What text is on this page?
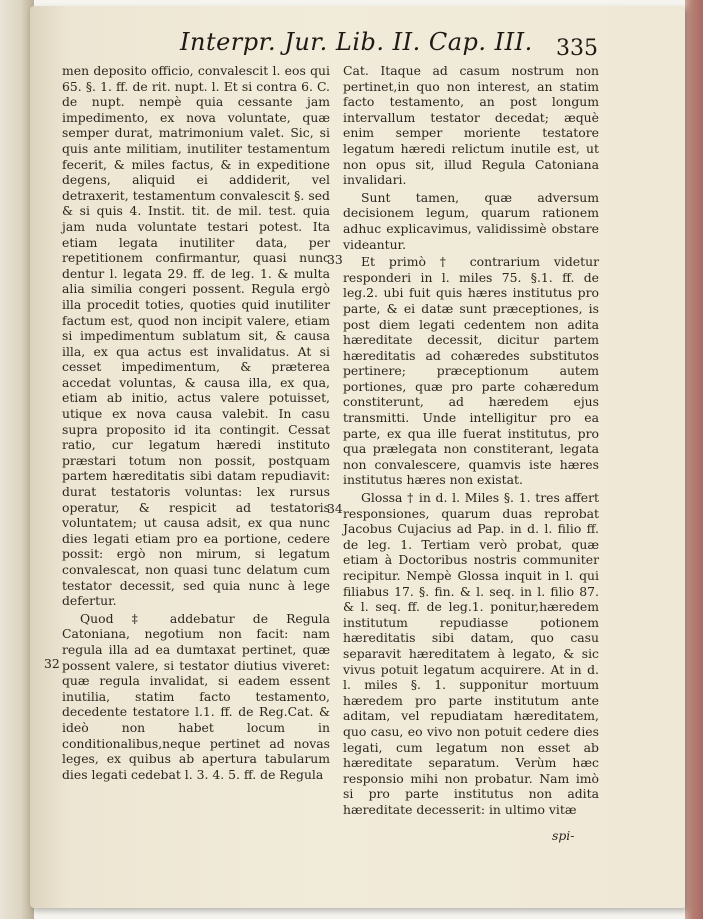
Interpr. Jur. Lib. II. Cap. III.	335

men deposito officio, convalescit l. eos qui 65. §. 1. ff. de rit. nupt. l. Et si contra 6. C. de nupt. nempè quia cessante jam impedimento, ex nova voluntate, quæ semper durat, matrimonium valet. Sic, si quis ante militiam, inutiliter testamentum fecerit, & miles factus, & in expeditione degens, aliquid ei addiderit, vel detraxerit, testamentum convalescit §. sed & si quis 4. Instit. tit. de mil. test. quia jam nuda voluntate testari potest. Ita etiam legata inutiliter data, per repetitionem confirmantur, quasi nunc dentur l. legata 29. ff. de leg. 1. & multa alia similia congeri possent. Regula ergò illa procedit toties, quoties quid inutiliter factum est, quod non incipit valere, etiam si impedimentum sublatum sit, & causa illa, ex qua actus est invalidatus. At si cesset impedimentum, & præterea accedat voluntas, & causa illa, ex qua, etiam ab initio, actus valere potuisset, utique ex nova causa valebit. In casu supra proposito id ita contingit. Cessat ratio, cur legatum hæredi instituto præstari totum non possit, postquam partem hæreditatis sibi datam repudiavit: durat testatoris voluntas: lex rursus operatur, & respicit ad testatoris voluntatem; ut causa adsit, ex qua nunc dies legati etiam pro ea portione, cedere possit: ergò non mirum, si legatum convalescat, non quasi tunc delatum cum testator decessit, sed quia nunc à lege defertur.

Quod ‡ addebatur de Regula Catoniana, negotium non facit: nam regula illa ad ea dumtaxat pertinet, quæ possent valere, si testator diutius viveret: quæ regula invalidat, si eadem essent inutilia, statim facto testamento, decedente testatore l.1. ff. de Reg.Cat. & ideò non habet locum in conditionalibus,neque pertinet ad novas leges, ex quibus ab apertura tabularum dies legati cedebat l. 3. 4. 5. ff. de Regula

32

Cat. Itaque ad casum nostrum non pertinet,in quo non interest, an statim facto testamento, an post longum intervallum testator decedat; æquè enim semper moriente testatore legatum hæredi relictum inutile est, ut non opus sit, illud Regula Catoniana invalidari.

Sunt tamen, quæ adversum decisionem legum, quarum rationem adhuc explicavimus, validissimè obstare videantur.

Et primò † contrarium videtur responderi in l. miles 75. §.1. ff. de leg.2. ubi fuit quis hæres institutus pro parte, & ei datæ sunt præceptiones, is post diem legati cedentem non adita hæreditate decessit, dicitur partem hæreditatis ad cohæredes substitutos pertinere; præceptionum autem portiones, quæ pro parte cohæredum constiterunt, ad hæredem ejus transmitti. Unde intelligitur pro ea parte, ex qua ille fuerat institutus, pro qua prælegata non constiterant, legata non convalescere, quamvis iste hæres institutus hæres non existat.

Glossa † in d. l. Miles §. 1. tres affert responsiones, quarum duas reprobat Jacobus Cujacius ad Pap. in d. l. filio ff. de leg. 1. Tertiam verò probat, quæ etiam à Doctoribus nostris communiter recipitur. Nempè Glossa inquit in l. qui filiabus 17. §. fin. & l. seq. in l. filio 87. & l. seq. ff. de leg.1. ponitur,hæredem institutum repudiasse potionem hæreditatis sibi datam, quo casu separavit hæreditatem à legato, & sic vivus potuit legatum acquirere. At in d. l. miles §. 1. supponitur mortuum hæredem pro parte institutum ante aditam, vel repudiatam hæreditatem, quo casu, eo vivo non potuit cedere dies legati, cum legatum non esset ab hæreditate separatum. Verùm hæc responsio mihi non probatur. Nam imò si pro parte institutus non adita hæreditate decesserit: in ultimo vitæ

33
34
spi-
